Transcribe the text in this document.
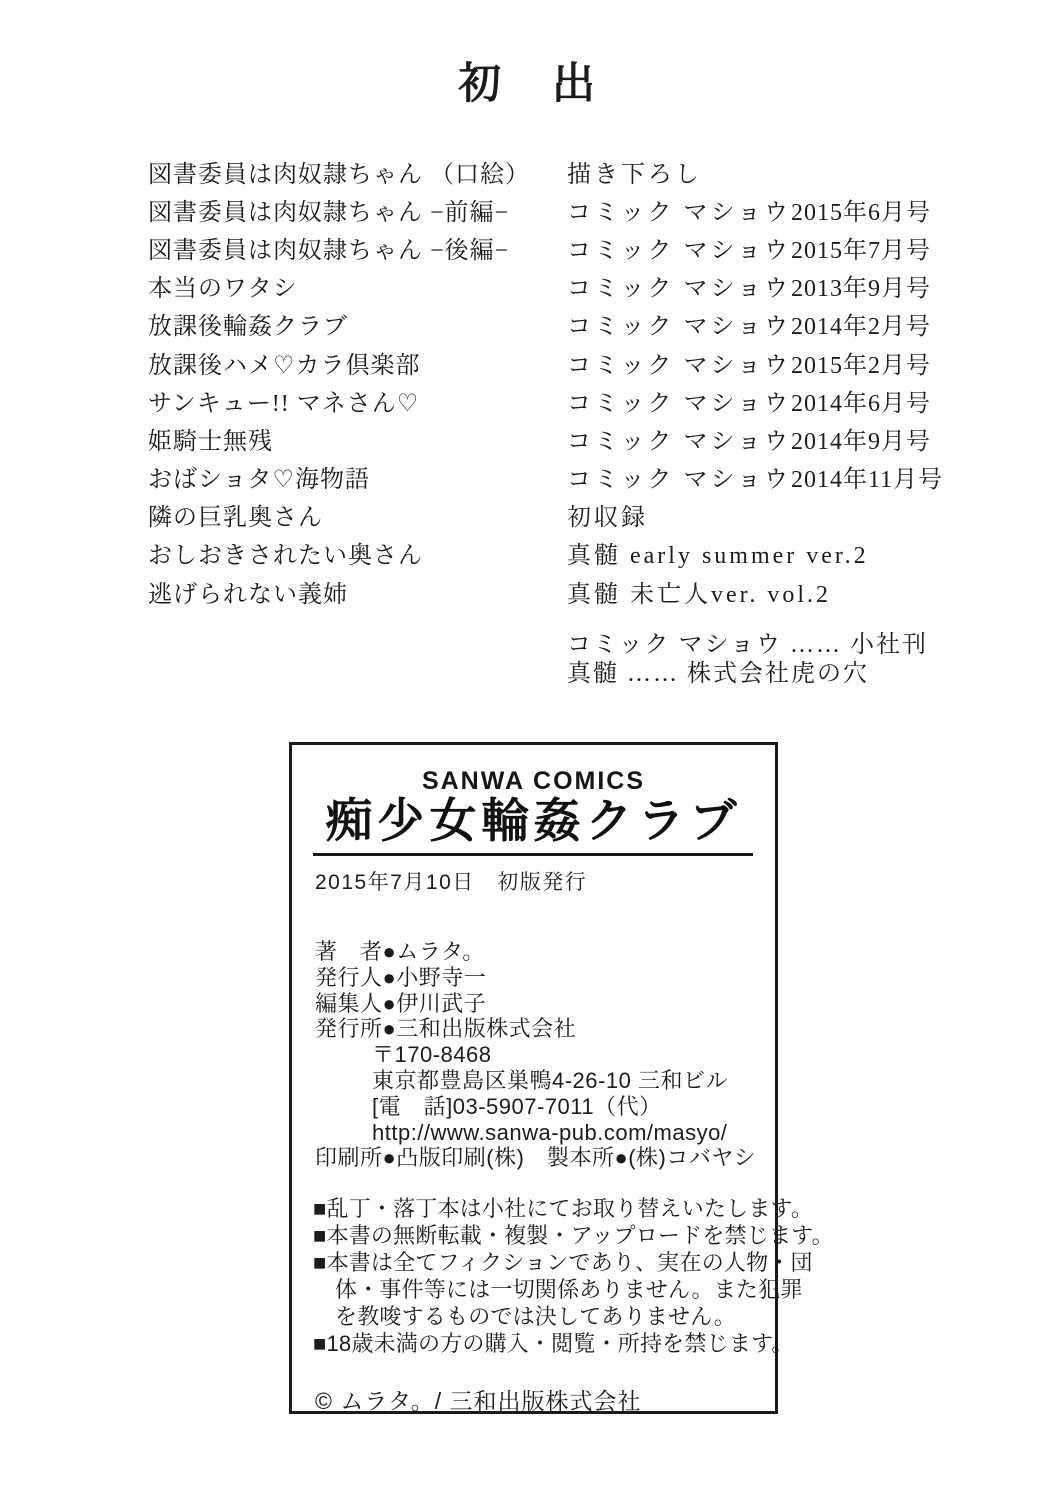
初　出
図書委員は肉奴隷ちゃん （口絵）	描き下ろし
図書委員は肉奴隷ちゃん −前編−	コミック マショウ 2015年6月号
図書委員は肉奴隷ちゃん −後編−	コミック マショウ 2015年7月号
本当のワタシ	コミック マショウ 2013年9月号
放課後輪姦クラブ	コミック マショウ 2014年2月号
放課後ハメ♡カラ倶楽部	コミック マショウ 2015年2月号
サンキュー!! マネさん♡	コミック マショウ 2014年6月号
姫騎士無残	コミック マショウ 2014年9月号
おばショタ♡海物語	コミック マショウ 2014年11月号
隣の巨乳奥さん	初収録
おしおきされたい奥さん	真髄 early summer ver.2
逃げられない義姉	真髄 未亡人ver. vol.2
コミック マショウ …… 小社刊
真髄 …… 株式会社虎の穴
SANWA COMICS
痴少女輪姦クラブ
2015年7月10日　初版発行
著　者●ムラタ。
発行人●小野寺一
編集人●伊川武子
発行所●三和出版株式会社
〒170-8468
東京都豊島区巣鴨4-26-10 三和ビル
[電　話]03-5907-7011（代）
http://www.sanwa-pub.com/masyo/
印刷所●凸版印刷(株)　製本所●(株)コバヤシ
■乱丁・落丁本は小社にてお取り替えいたします。
■本書の無断転載・複製・アップロードを禁じます。
■本書は全てフィクションであり、実在の人物・団
体・事件等には一切関係ありません。また犯罪
を教唆するものでは決してありません。
■18歳未満の方の購入・閲覧・所持を禁じます。
© ムラタ。/ 三和出版株式会社
